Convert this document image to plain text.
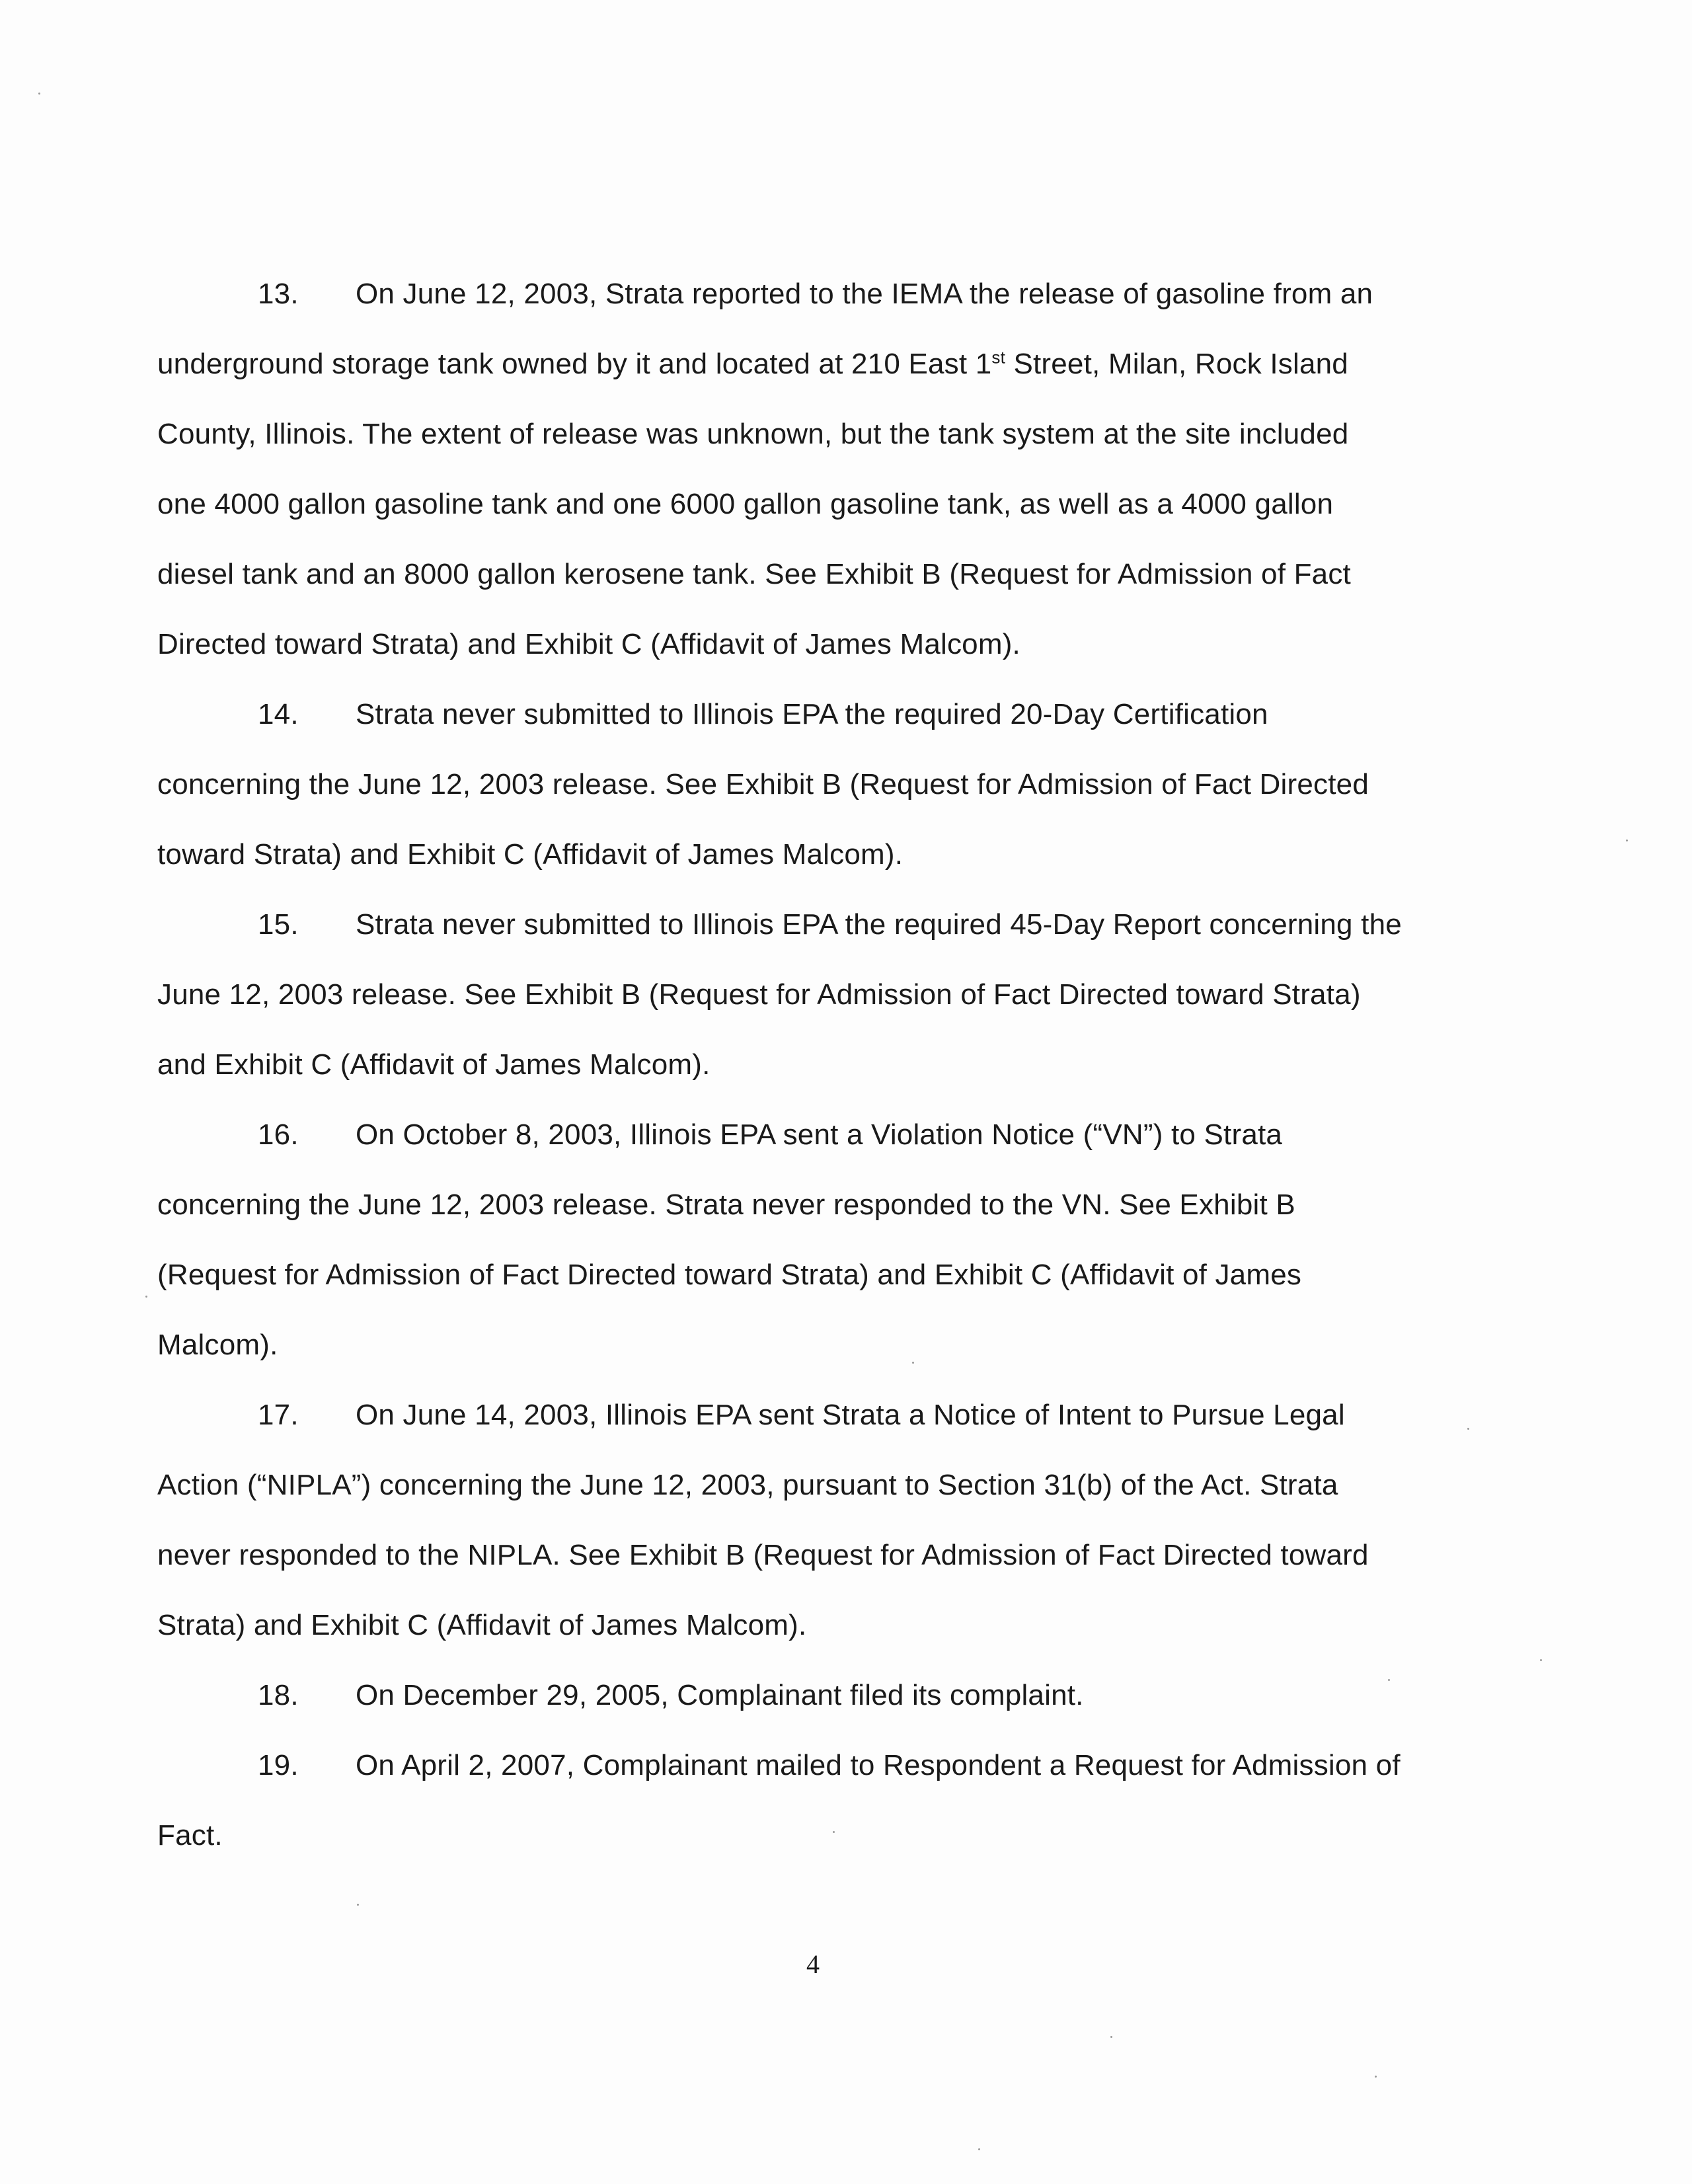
13. On June 12, 2003, Strata reported to the IEMA the release of gasoline from an
underground storage tank owned by it and located at 210 East 1st Street, Milan, Rock Island
County, Illinois. The extent of release was unknown, but the tank system at the site included
one 4000 gallon gasoline tank and one 6000 gallon gasoline tank, as well as a 4000 gallon
diesel tank and an 8000 gallon kerosene tank. See Exhibit B (Request for Admission of Fact
Directed toward Strata) and Exhibit C (Affidavit of James Malcom).
14. Strata never submitted to Illinois EPA the required 20-Day Certification
concerning the June 12, 2003 release. See Exhibit B (Request for Admission of Fact Directed
toward Strata) and Exhibit C (Affidavit of James Malcom).
15. Strata never submitted to Illinois EPA the required 45-Day Report concerning the
June 12, 2003 release. See Exhibit B (Request for Admission of Fact Directed toward Strata)
and Exhibit C (Affidavit of James Malcom).
16. On October 8, 2003, Illinois EPA sent a Violation Notice (“VN”) to Strata
concerning the June 12, 2003 release. Strata never responded to the VN. See Exhibit B
(Request for Admission of Fact Directed toward Strata) and Exhibit C (Affidavit of James
Malcom).
17. On June 14, 2003, Illinois EPA sent Strata a Notice of Intent to Pursue Legal
Action (“NIPLA”) concerning the June 12, 2003, pursuant to Section 31(b) of the Act. Strata
never responded to the NIPLA. See Exhibit B (Request for Admission of Fact Directed toward
Strata) and Exhibit C (Affidavit of James Malcom).
18. On December 29, 2005, Complainant filed its complaint.
19. On April 2, 2007, Complainant mailed to Respondent a Request for Admission of
Fact.
4
